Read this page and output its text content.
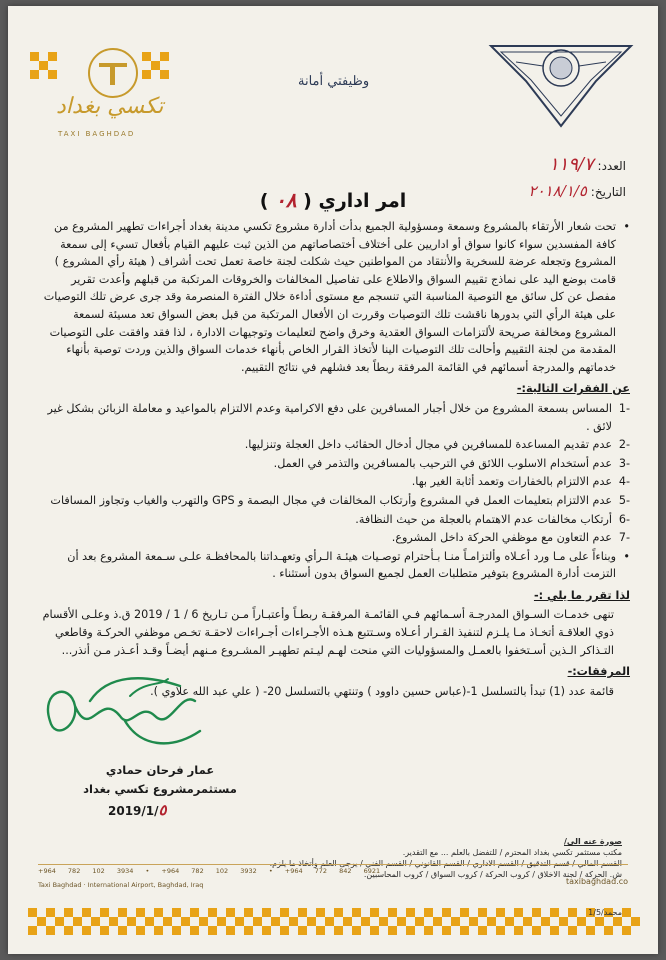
تكسي بغداد
TAXI BAGHDAD
وظيفتي أمانة
العدد: ١١٩/٧
التاريخ: ٢٠١٨/١/٥
امر اداري ( ٠٨ )

• تحت شعار الأرتقاء بالمشروع وسمعة ومسؤولية الجميع بدأت أدارة مشروع تكسي مدينة بغداد أجراءات تطهير المشروع من كافة المفسدين سواء كانوا سواق أو اداريين على أختلاف أختصاصاتهم من الذين ثبت عليهم القيام بأفعال تسيء إلى سمعة المشروع وتجعله عرضة للسخرية والأنتقاد من المواطنين حيث شكلت لجنة خاصة تعمل تحت أشراف ( هيئة رأي المشروع ) قامت بوضع اليد على نماذج تقييم السواق والاطلاع على تفاصيل المخالفات والخروقات المرتكبة من قبلهم وأعدت تقرير مفصل عن كل سائق مع التوصية المناسبة التي تنسجم مع مستوى أداءة خلال الفترة المنصرمة وقد جرى عرض تلك التوصيات على هيئة الرأي التي بدورها ناقشت تلك التوصيات وقررت ان الأفعال المرتكبة من قبل بعض السواق تعد مسيئة لسمعة المشروع ومخالفة صريحة لألتزامات السواق العقدية وخرق واضح لتعليمات وتوجيهات الادارة ، لذا فقد وافقت على التوصيات المقدمة من لجنة التقييم وأحالت تلك التوصيات الينا لأتخاذ القرار الخاص بأنهاء خدمات السواق والذين وردت توصية بأنهاء خدماتهم والمدرجة أسمائهم في القائمة المرفقة ربطاً بعد فشلهم في نتائج التقييم.

عن الفقرات التالية:-
-1
المساس بسمعة المشروع من خلال أجبار المسافرين على دفع الاكرامية وعدم الالتزام بالمواعيد و معاملة الزبائن بشكل غير لائق .
-2
عدم تقديم المساعدة للمسافرين في مجال أدخال الحقائب داخل العجلة وتنزليها.
-3
عدم أستخدام الاسلوب اللائق في الترحيب بالمسافرين والتذمر في العمل.
-4
عدم الالتزام بالخفارات وتعمد أثابة الغير بها.
-5
عدم الالتزام بتعليمات العمل في المشروع وأرتكاب المخالفات في مجال البصمة و GPS والتهرب والغياب وتجاوز المسافات
-6
أرتكاب مخالفات عدم الاهتمام بالعجلة من حيث النظافة.
-7
عدم التعاون مع موظفي الحركة داخل المشروع.

• وبناءاً على مـا ورد أعـلاه وألتزامـاً منـا بـأحترام توصـيات هيئـة الـرأي وتعهـداتنا بالمحافظـة علـى سـمعة المشروع بعد أن التزمت أدارة المشروع بتوفير متطلبات العمل لجميع السواق بدون أستثناء .

لذا تقرر ما يلي :-

تنهى خدمـات السـواق المدرجـة أسـمائهم فـي القائمـة المرفقـة ربطـاً وأعتبـاراً مـن تـاريخ 6 / 1 / 2019 ق.ذ وعلـى الأقسام ذوي العلاقـة أتخـاذ مـا يلـزم لتنفيذ القـرار أعـلاه وسـتتبع هـذه الأجـراءات أجـراءات لاحقـة تخـص موظفي الحركـة وقاطعي التـذاكر الـذين أسـتخفوا بالعمـل والمسؤوليات التي منحت لهـم ليـتم تطهيـر المشـروع مـنهم أيضـاً وقـد أعـذر مـن أنذر...

المرفقات:-

قائمة عدد (1) تبدأ بالتسلسل 1-(عباس حسين داوود ) وتنتهي بالتسلسل 20- ( علي عبد الله علاوي ).

عمار فرحان حمادي
مستثمرمشروع تكسي بغداد
2019/1/٥
صورة عنه الى/
مكتب مستثمر تكسي بغداد المحترم / للتفضل بالعلم ... مع التقدير.
القسم المالي / قسم التدقيق / القسم الاداري / القسم القانوني / القسم الفني / يرجى العلم وأتخاذ ما يلزم.
ش. الحركة / لجنة الاخلاق / كروب الحركة / كروب السواق / كروب المحاسبين.
+964 782 102 3934 • +964 782 102 3932 • +964 772 842 6921
Taxi Baghdad · International Airport, Baghdad, Iraq	taxibaghdad.co
محمد/1/5
